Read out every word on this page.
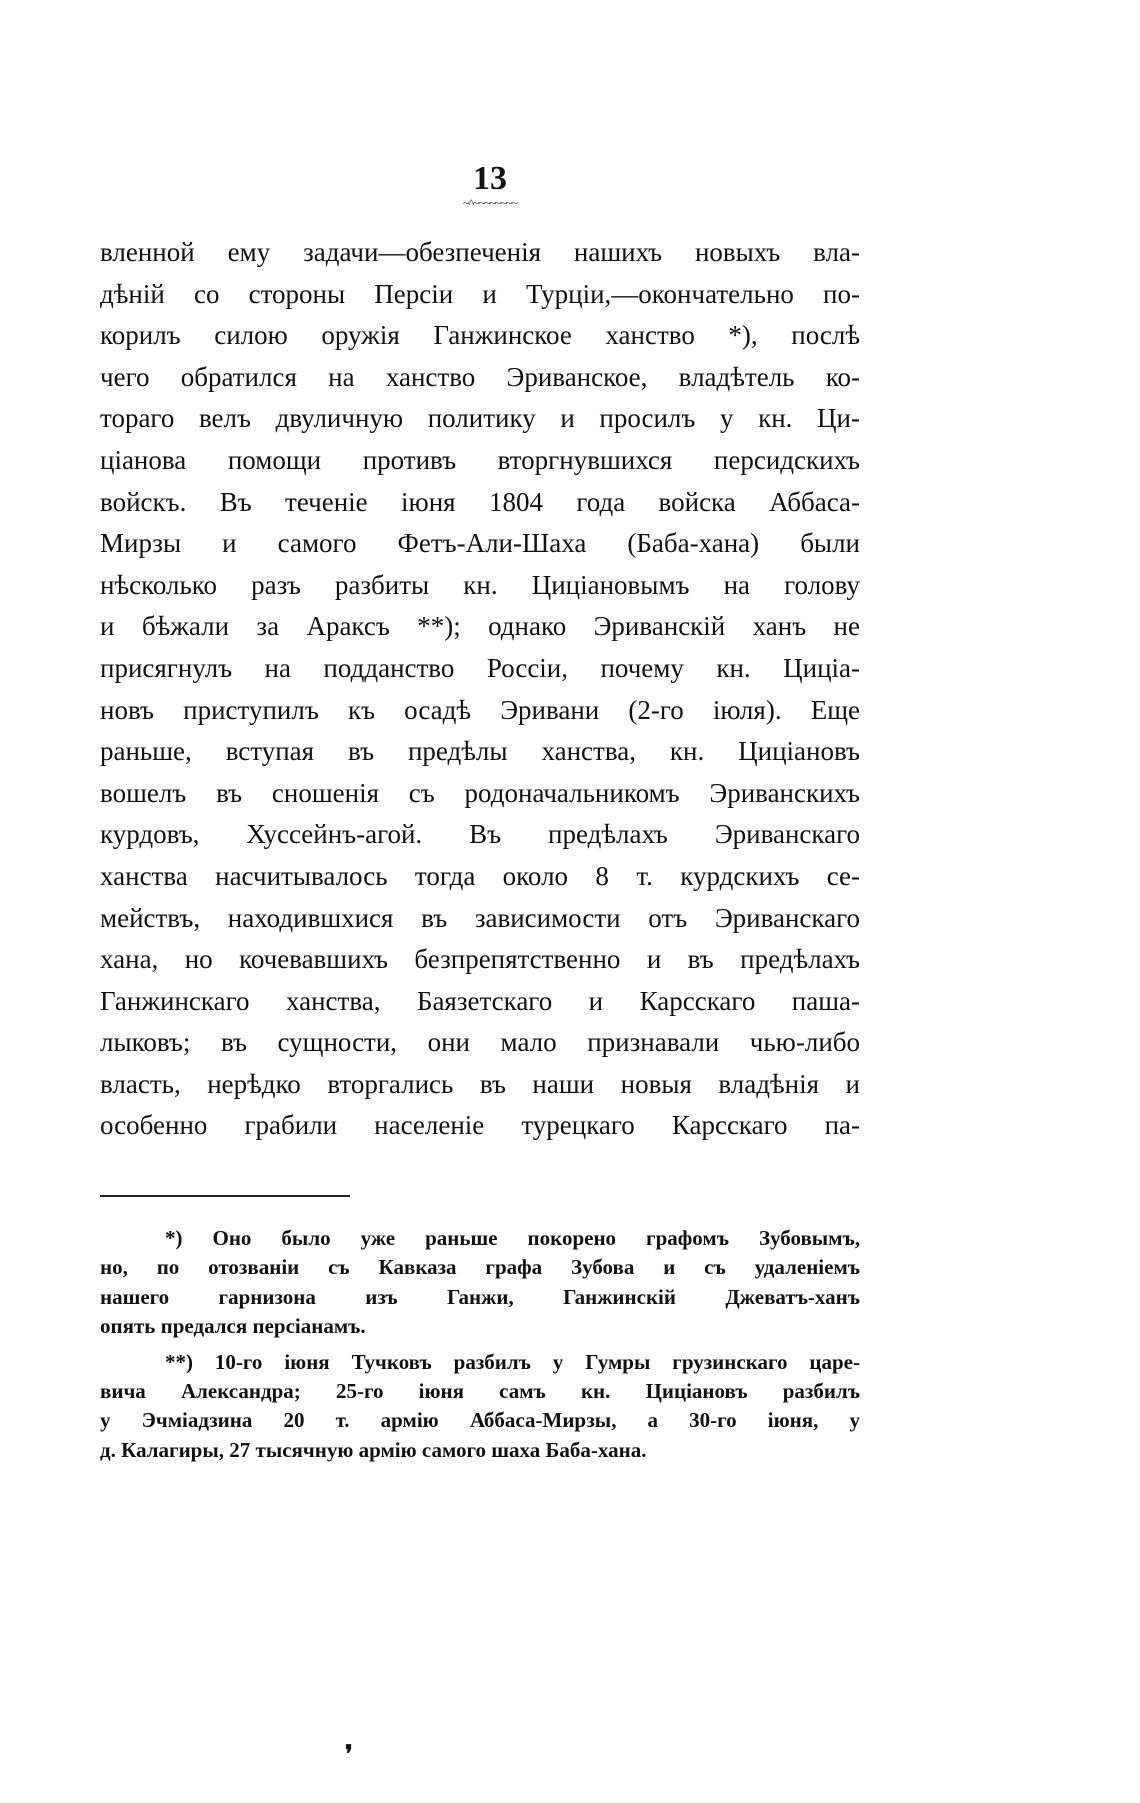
13
~^~~~~~~~~
вленной ему задачи—обезпеченія нашихъ новыхъ вла-
дѣній со стороны Персіи и Турціи,—окончательно по-
корилъ силою оружія Ганжинское ханство *), послѣ
чего обратился на ханство Эриванское, владѣтель ко-
тораго велъ двуличную политику и просилъ у кн. Ци-
ціанова помощи противъ вторгнувшихся персидскихъ
войскъ. Въ теченіе іюня 1804 года войска Аббаса-
Мирзы и самого Фетъ-Али-Шаха (Баба-хана) были
нѣсколько разъ разбиты кн. Циціановымъ на голову
и бѣжали за Араксъ **); однако Эриванскій ханъ не
присягнулъ на подданство Россіи, почему кн. Циціа-
новъ приступилъ къ осадѣ Эривани (2-го іюля). Еще
раньше, вступая въ предѣлы ханства, кн. Циціановъ
вошелъ въ сношенія съ родоначальникомъ Эриванскихъ
курдовъ, Хуссейнъ-агой. Въ предѣлахъ Эриванскаго
ханства насчитывалось тогда около 8 т. курдскихъ се-
мействъ, находившхися въ зависимости отъ Эриванскаго
хана, но кочевавшихъ безпрепятственно и въ предѣлахъ
Ганжинскаго ханства, Баязетскаго и Карсскаго паша-
лыковъ; въ сущности, они мало признавали чью-либо
власть, нерѣдко вторгались въ наши новыя владѣнія и
особенно грабили населеніе турецкаго Карсскаго па-
*) Оно было уже раньше покорено графомъ Зубовымъ,
но, по отозваніи съ Кавказа графа Зубова и съ удаленіемъ
нашего гарнизона изъ Ганжи, Ганжинскій Джеватъ-ханъ
опять предался персіанамъ.
**) 10-го іюня Тучковъ разбилъ у Гумры грузинскаго царе-
вича Александра; 25-го іюня самъ кн. Циціановъ разбилъ
у Эчміадзина 20 т. армію Аббаса-Мирзы, а 30-го іюня, у
д. Калагиры, 27 тысячную армію самого шаха Баба-хана.
❜
